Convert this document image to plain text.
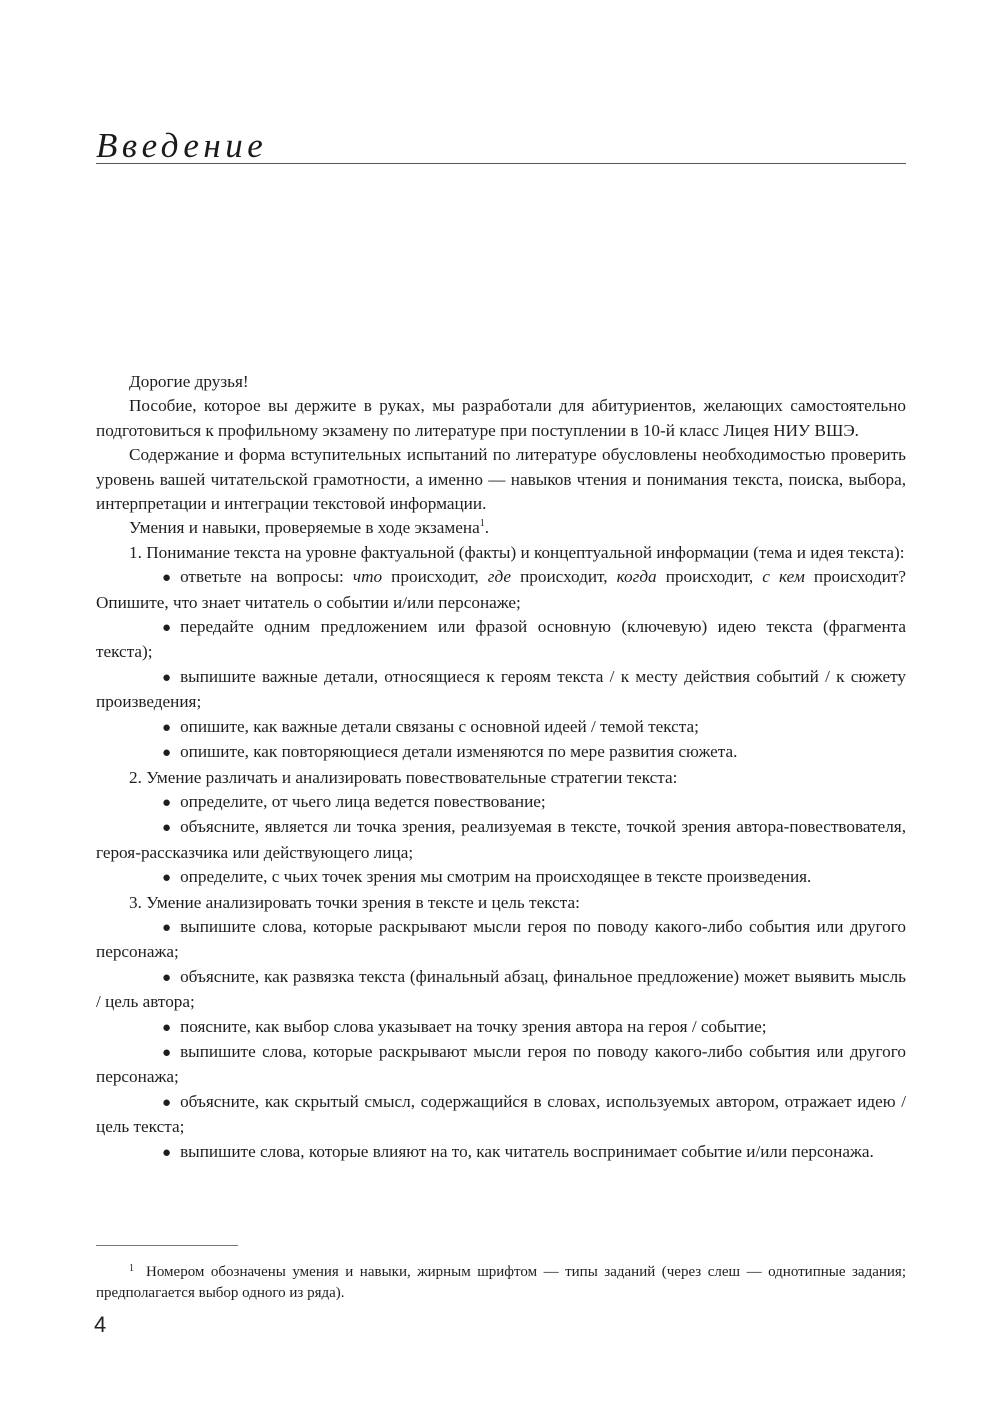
Введение

Дорогие друзья!

Пособие, которое вы держите в руках, мы разработали для абитуриентов, желающих самостоятельно подготовиться к профильному экзамену по литературе при поступлении в 10-й класс Лицея НИУ ВШЭ.

Содержание и форма вступительных испытаний по литературе обусловлены необходимостью проверить уровень вашей читательской грамотности, а именно — навыков чтения и понимания текста, поиска, выбора, интерпретации и интеграции текстовой информации.

Умения и навыки, проверяемые в ходе экзамена$^1$.

1. Понимание текста на уровне фактуальной (факты) и концептуальной информации (тема и идея текста):

● ответьте на вопросы: что происходит, где происходит, когда происходит, с кем происходит? Опишите, что знает читатель о событии и/или персонаже;

● передайте одним предложением или фразой основную (ключевую) идею текста (фрагмента текста);

● выпишите важные детали, относящиеся к героям текста / к месту действия событий / к сюжету произведения;

● опишите, как важные детали связаны с основной идеей / темой текста;

● опишите, как повторяющиеся детали изменяются по мере развития сюжета.

2. Умение различать и анализировать повествовательные стратегии текста:

● определите, от чьего лица ведется повествование;

● объясните, является ли точка зрения, реализуемая в тексте, точкой зрения автора-повествователя, героя-рассказчика или действующего лица;

● определите, с чьих точек зрения мы смотрим на происходящее в тексте произведения.

3. Умение анализировать точки зрения в тексте и цель текста:

● выпишите слова, которые раскрывают мысли героя по поводу какого-либо события или другого персонажа;

● объясните, как развязка текста (финальный абзац, финальное предложение) может выявить мысль / цель автора;

● поясните, как выбор слова указывает на точку зрения автора на героя / событие;

● выпишите слова, которые раскрывают мысли героя по поводу какого-либо события или другого персонажа;

● объясните, как скрытый смысл, содержащийся в словах, используемых автором, отражает идею / цель текста;

● выпишите слова, которые влияют на то, как читатель воспринимает событие и/или персонажа.

$^1$ Номером обозначены умения и навыки, жирным шрифтом — типы заданий (через слеш — однотипные задания; предполагается выбор одного из ряда).

4
